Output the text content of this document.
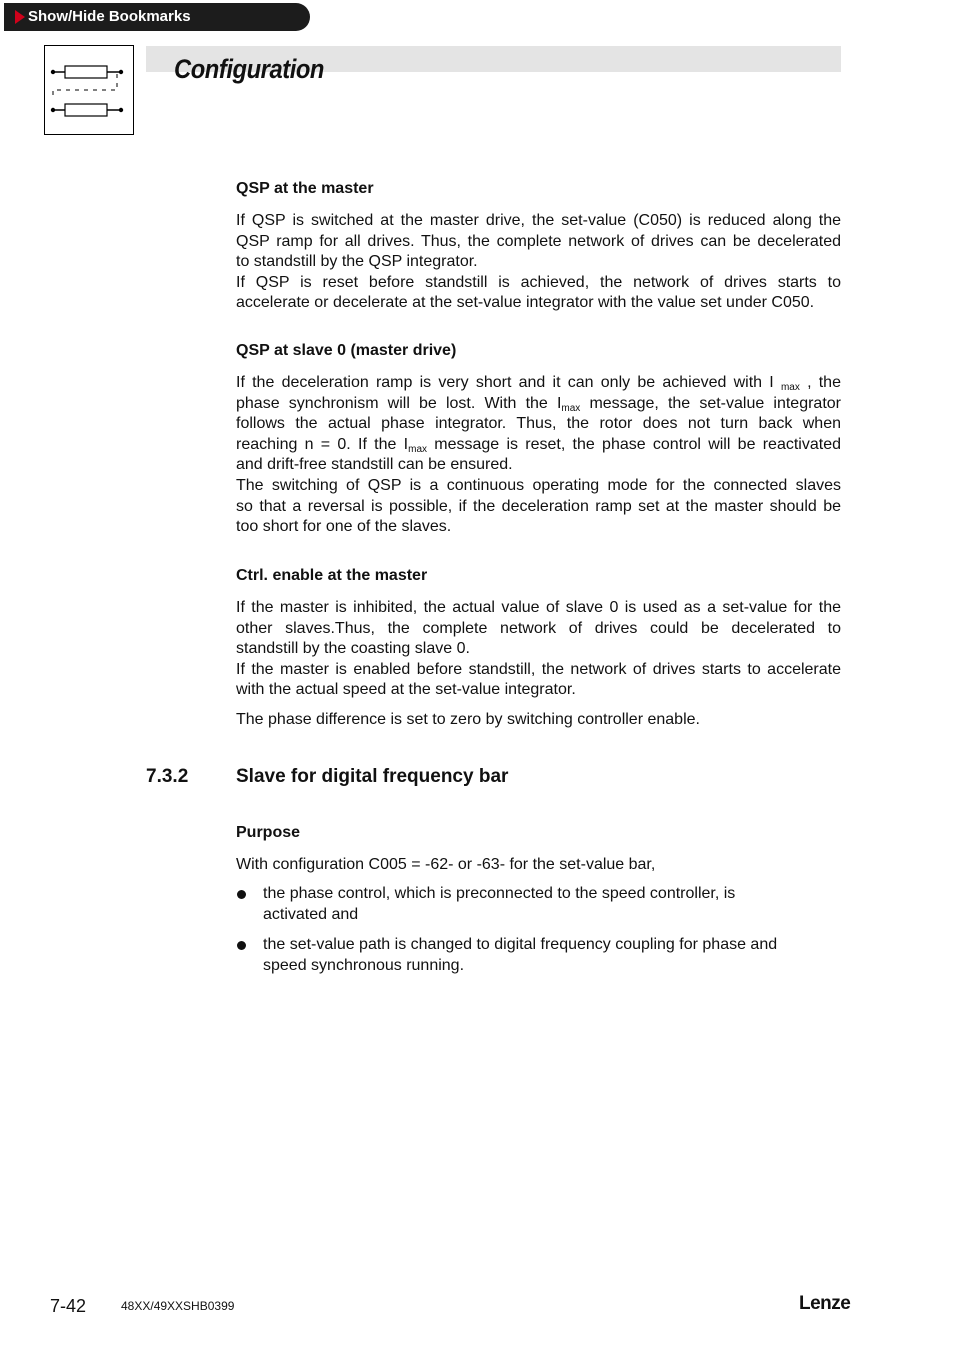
Show/Hide Bookmarks
Configuration
QSP at the master
If QSP is switched at the master drive, the set-value (C050) is reduced along the
QSP ramp for all drives. Thus, the complete network of drives can be decelerated
to standstill by the QSP integrator.
If QSP is reset before standstill is achieved, the network of drives starts to
accelerate or decelerate at the set-value integrator with the value set under C050.
QSP at slave 0 (master drive)
If the deceleration ramp is very short and it can only be achieved with I $_{max}$ , the
phase synchronism will be lost. With the $I_{max}$ message, the set-value integrator
follows the actual phase integrator. Thus, the rotor does not turn back when
reaching n = 0. If the $I_{max}$ message is reset, the phase control will be reactivated
and drift-free standstill can be ensured.
The switching of QSP is a continuous operating mode for the connected slaves
so that a reversal is possible, if the deceleration ramp set at the master should be
too short for one of the slaves.
Ctrl. enable at the master
If the master is inhibited, the actual value of slave 0 is used as a set-value for the
other slaves.Thus, the complete network of drives could be decelerated to
standstill by the coasting slave 0.
If the master is enabled before standstill, the network of drives starts to accelerate
with the actual speed at the set-value integrator.
The phase difference is set to zero by switching controller enable.
7.3.2	Slave for digital frequency bar
Purpose
With configuration C005 = -62- or -63- for the set-value bar,
the phase control, which is preconnected to the speed controller, is
activated and
the set-value path is changed to digital frequency coupling for phase and
speed synchronous running.
7-42	48XX/49XXSHB0399	Lenze
